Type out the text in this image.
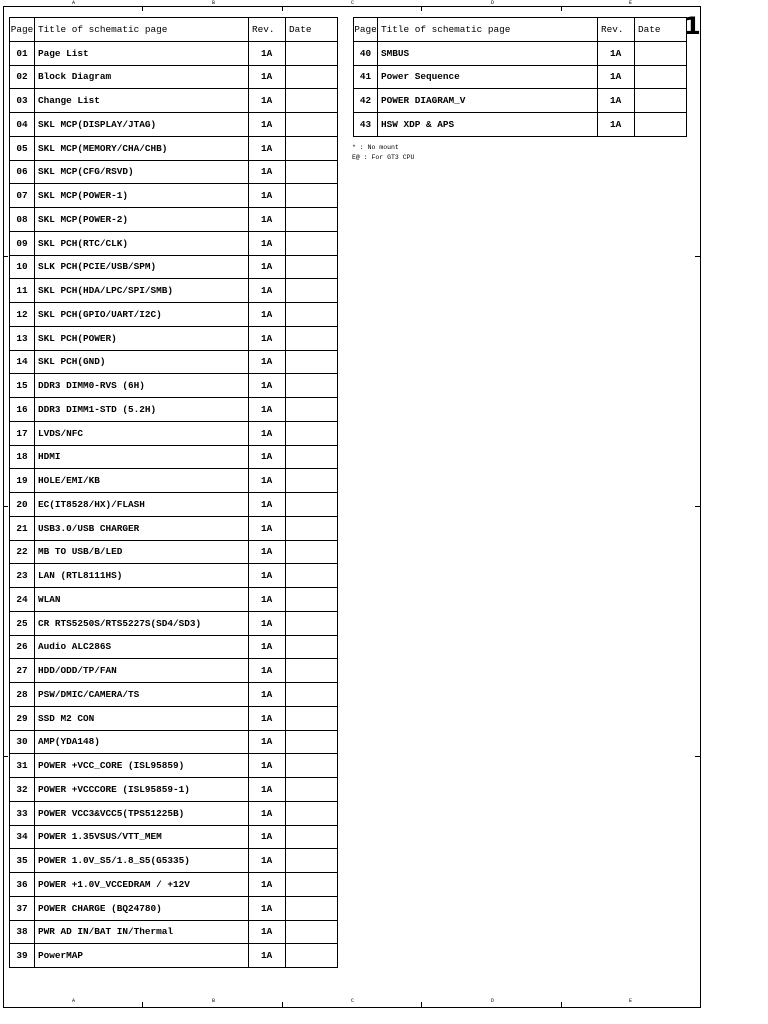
A	B	C	D	E
A	B	C	D	E
1
Page	Title of schematic page	Rev.	Date
01	Page List	1A	
02	Block Diagram	1A	
03	Change List	1A	
04	SKL MCP(DISPLAY/JTAG)	1A	
05	SKL MCP(MEMORY/CHA/CHB)	1A	
06	SKL MCP(CFG/RSVD)	1A	
07	SKL MCP(POWER-1)	1A	
08	SKL MCP(POWER-2)	1A	
09	SKL PCH(RTC/CLK)	1A	
10	SLK PCH(PCIE/USB/SPM)	1A	
11	SKL PCH(HDA/LPC/SPI/SMB)	1A	
12	SKL PCH(GPIO/UART/I2C)	1A	
13	SKL PCH(POWER)	1A	
14	SKL PCH(GND)	1A	
15	DDR3 DIMM0-RVS (6H)	1A	
16	DDR3 DIMM1-STD (5.2H)	1A	
17	LVDS/NFC	1A	
18	HDMI	1A	
19	HOLE/EMI/KB	1A	
20	EC(IT8528/HX)/FLASH	1A	
21	USB3.0/USB CHARGER	1A	
22	MB TO USB/B/LED	1A	
23	LAN (RTL8111HS)	1A	
24	WLAN	1A	
25	CR RTS5250S/RTS5227S(SD4/SD3)	1A	
26	Audio ALC286S	1A	
27	HDD/ODD/TP/FAN	1A	
28	PSW/DMIC/CAMERA/TS	1A	
29	SSD M2 CON	1A	
30	AMP(YDA148)	1A	
31	POWER +VCC_CORE (ISL95859)	1A	
32	POWER +VCCCORE (ISL95859-1)	1A	
33	POWER VCC3&VCC5(TPS51225B)	1A	
34	POWER 1.35VSUS/VTT_MEM	1A	
35	POWER 1.0V_S5/1.8_S5(G5335)	1A	
36	POWER +1.0V_VCCEDRAM / +12V	1A	
37	POWER CHARGE (BQ24780)	1A	
38	PWR AD IN/BAT IN/Thermal	1A	
39	PowerMAP	1A	
Page	Title of schematic page	Rev.	Date
40	SMBUS	1A	
41	Power Sequence	1A	
42	POWER DIAGRAM_V	1A	
43	HSW XDP & APS	1A	
* : No mount
E@ : For GT3 CPU
